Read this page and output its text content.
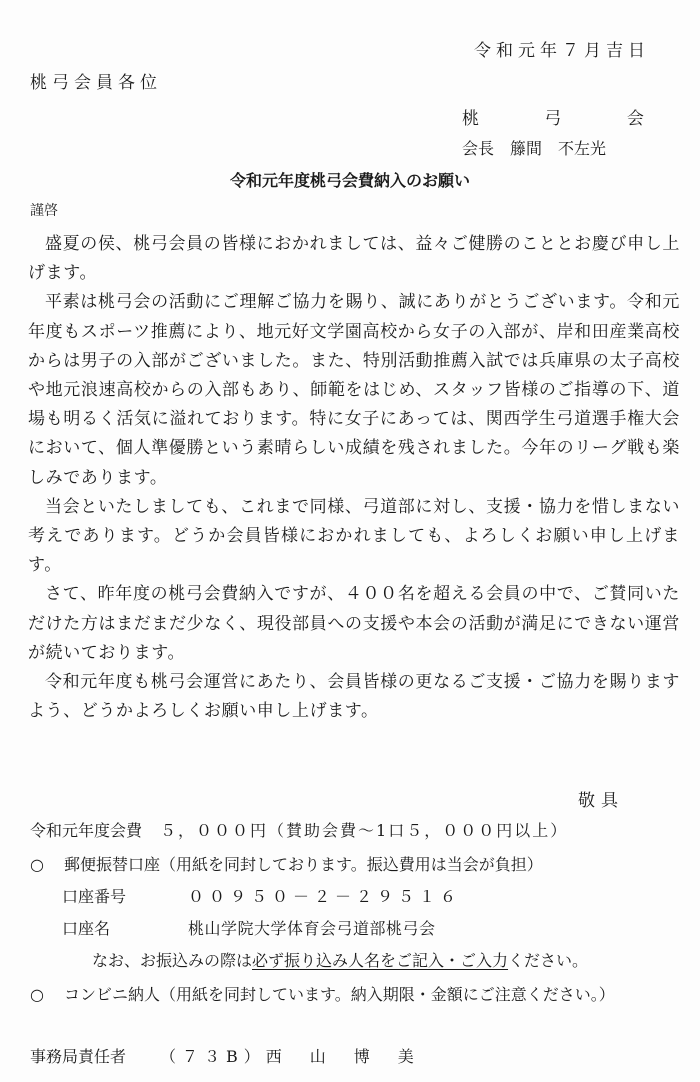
令和元年７月吉日
桃弓会員各位
桃	弓	会
会長　籐間　不左光
令和元年度桃弓会費納入のお願い
謹啓

盛夏の侯、桃弓会員の皆様におかれましては、益々ご健勝のこととお慶び申し上げます。

平素は桃弓会の活動にご理解ご協力を賜り、誠にありがとうございます。令和元年度もスポーツ推薦により、地元好文学園高校から女子の入部が、岸和田産業高校からは男子の入部がございました。また、特別活動推薦入試では兵庫県の太子高校や地元浪速高校からの入部もあり、師範をはじめ、スタッフ皆様のご指導の下、道場も明るく活気に溢れております。特に女子にあっては、関西学生弓道選手権大会において、個人準優勝という素晴らしい成績を残されました。今年のリーグ戦も楽しみであります。

当会といたしましても、これまで同様、弓道部に対し、支援・協力を惜しまない考えであります。どうか会員皆様におかれましても、よろしくお願い申し上げます。

さて、昨年度の桃弓会費納入ですが、４００名を超える会員の中で、ご賛同いただけた方はまだまだ少なく、現役部員への支援や本会の活動が満足にできない運営が続いております。

令和元年度も桃弓会運営にあたり、会員皆様の更なるご支援・ご協力を賜りますよう、どうかよろしくお願い申し上げます。

敬具
令和元年度会費 ５，０００円（賛助会費～1口５，０００円以上）
○ 郵便振替口座（用紙を同封しております。振込費用は当会が負担）
口座番号	００９５０－２－２９５１６
口座名	桃山学院大学体育会弓道部桃弓会
なお、お振込みの際は必ず振り込み人名をご記入・ご入力ください。
○ コンビニ納人（用紙を同封しています。納入期限・金額にご注意ください。）
事務局責任者 （７３B）西　山　博　美
